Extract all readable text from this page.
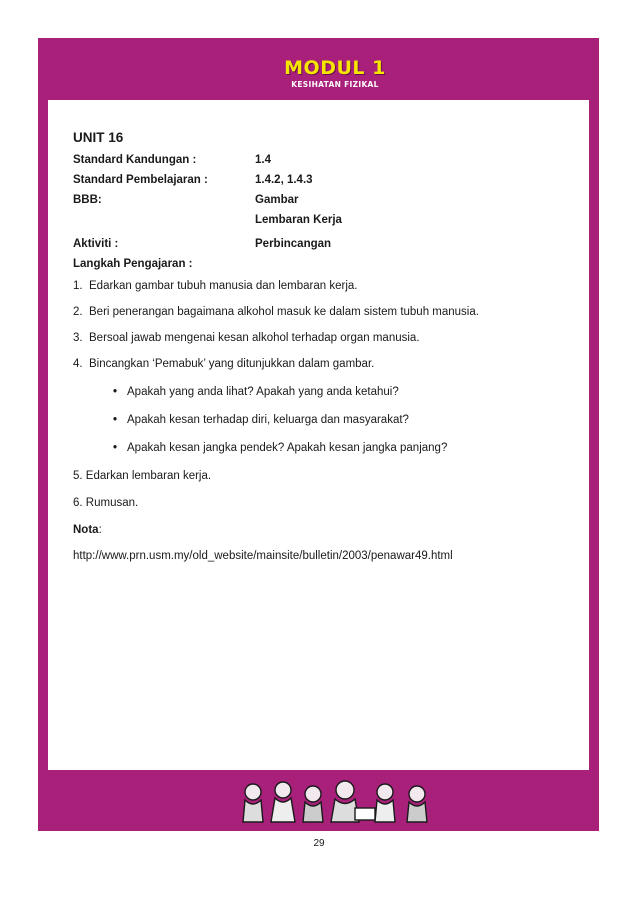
MODUL 1
KESIHATAN FIZIKAL
UNIT 16
Standard Kandungan :	1.4
Standard Pembelajaran :	1.4.2, 1.4.3
BBB:	Gambar
Lembaran Kerja
Aktiviti :	Perbincangan
Langkah Pengajaran :
1. Edarkan gambar tubuh manusia dan lembaran kerja.
2. Beri penerangan bagaimana alkohol masuk ke dalam sistem tubuh manusia.
3. Bersoal jawab mengenai kesan alkohol terhadap organ manusia.
4. Bincangkan ‘Pemabuk’ yang ditunjukkan dalam gambar.
• Apakah yang anda lihat? Apakah yang anda ketahui?
• Apakah kesan terhadap diri, keluarga dan masyarakat?
• Apakah kesan jangka pendek? Apakah kesan jangka panjang?
5. Edarkan lembaran kerja.
6. Rumusan.
Nota:
http://www.prn.usm.my/old_website/mainsite/bulletin/2003/penawar49.html
29
